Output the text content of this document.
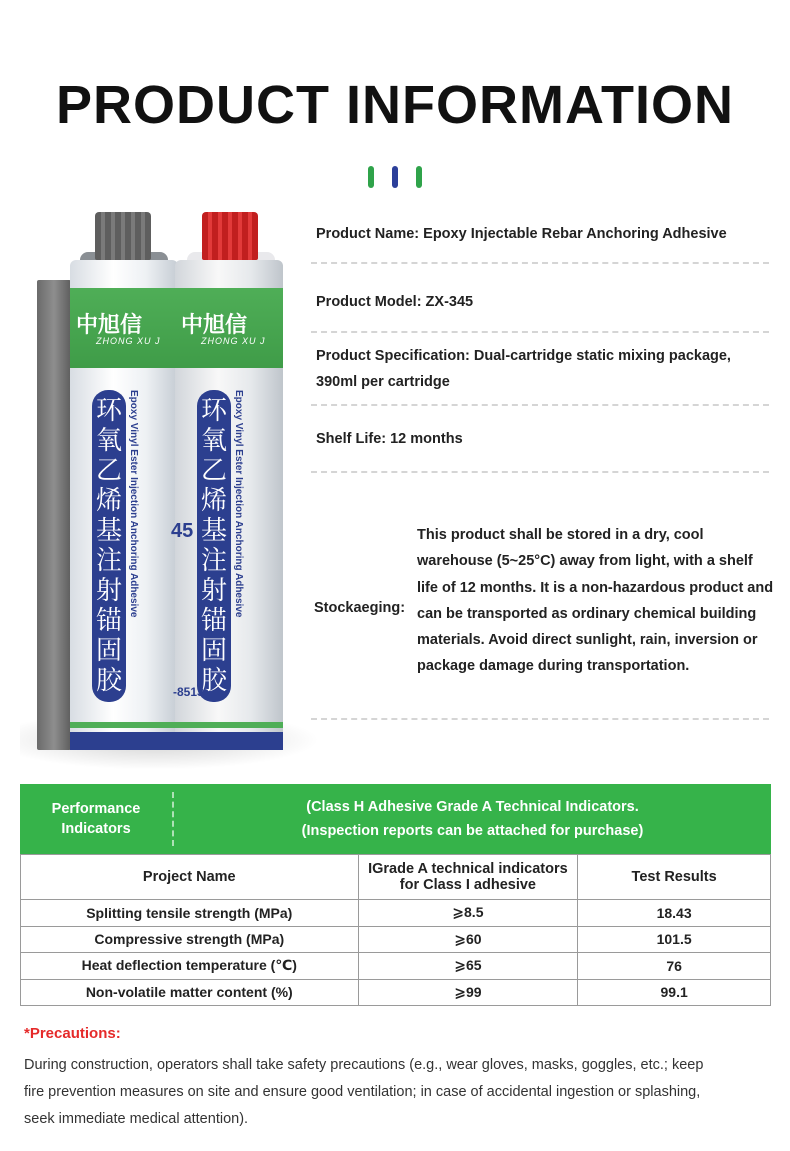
PRODUCT INFORMATION
中旭信
ZHONG XU J
环氧乙烯基注射锚固胶
Epoxy Vinyl Ester Injection Anchoring Adhesive
中旭信
ZHONG XU J
环氧乙烯基注射锚固胶
Epoxy Vinyl Ester Injection Anchoring Adhesive
45
-8513
Product Name: Epoxy Injectable Rebar Anchoring Adhesive
Product Model: ZX-345
Product Specification: Dual-cartridge static mixing package,
390ml per cartridge
Shelf Life: 12 months
Stockaeging:
This product shall be stored in a dry, cool
warehouse (5~25°C) away from light, with a shelf
life of 12 months. It is a non-hazardous product and
can be transported as ordinary chemical building
materials. Avoid direct sunlight, rain, inversion or
package damage during transportation.
Performance
Indicators
(Class H Adhesive Grade A Technical Indicators.
(Inspection reports can be attached for purchase)
Project Name	IGrade A technical indicators
for Class I adhesive	Test Results
Splitting tensile strength (MPa)	⩾8.5	18.43
Compressive strength (MPa)	⩾60	101.5
Heat deflection temperature (℃)	⩾65	76
Non-volatile matter content (%)	⩾99	99.1
*Precautions:
During construction, operators shall take safety precautions (e.g., wear gloves, masks, goggles, etc.; keep
fire prevention measures on site and ensure good ventilation; in case of accidental ingestion or splashing,
seek immediate medical attention).
